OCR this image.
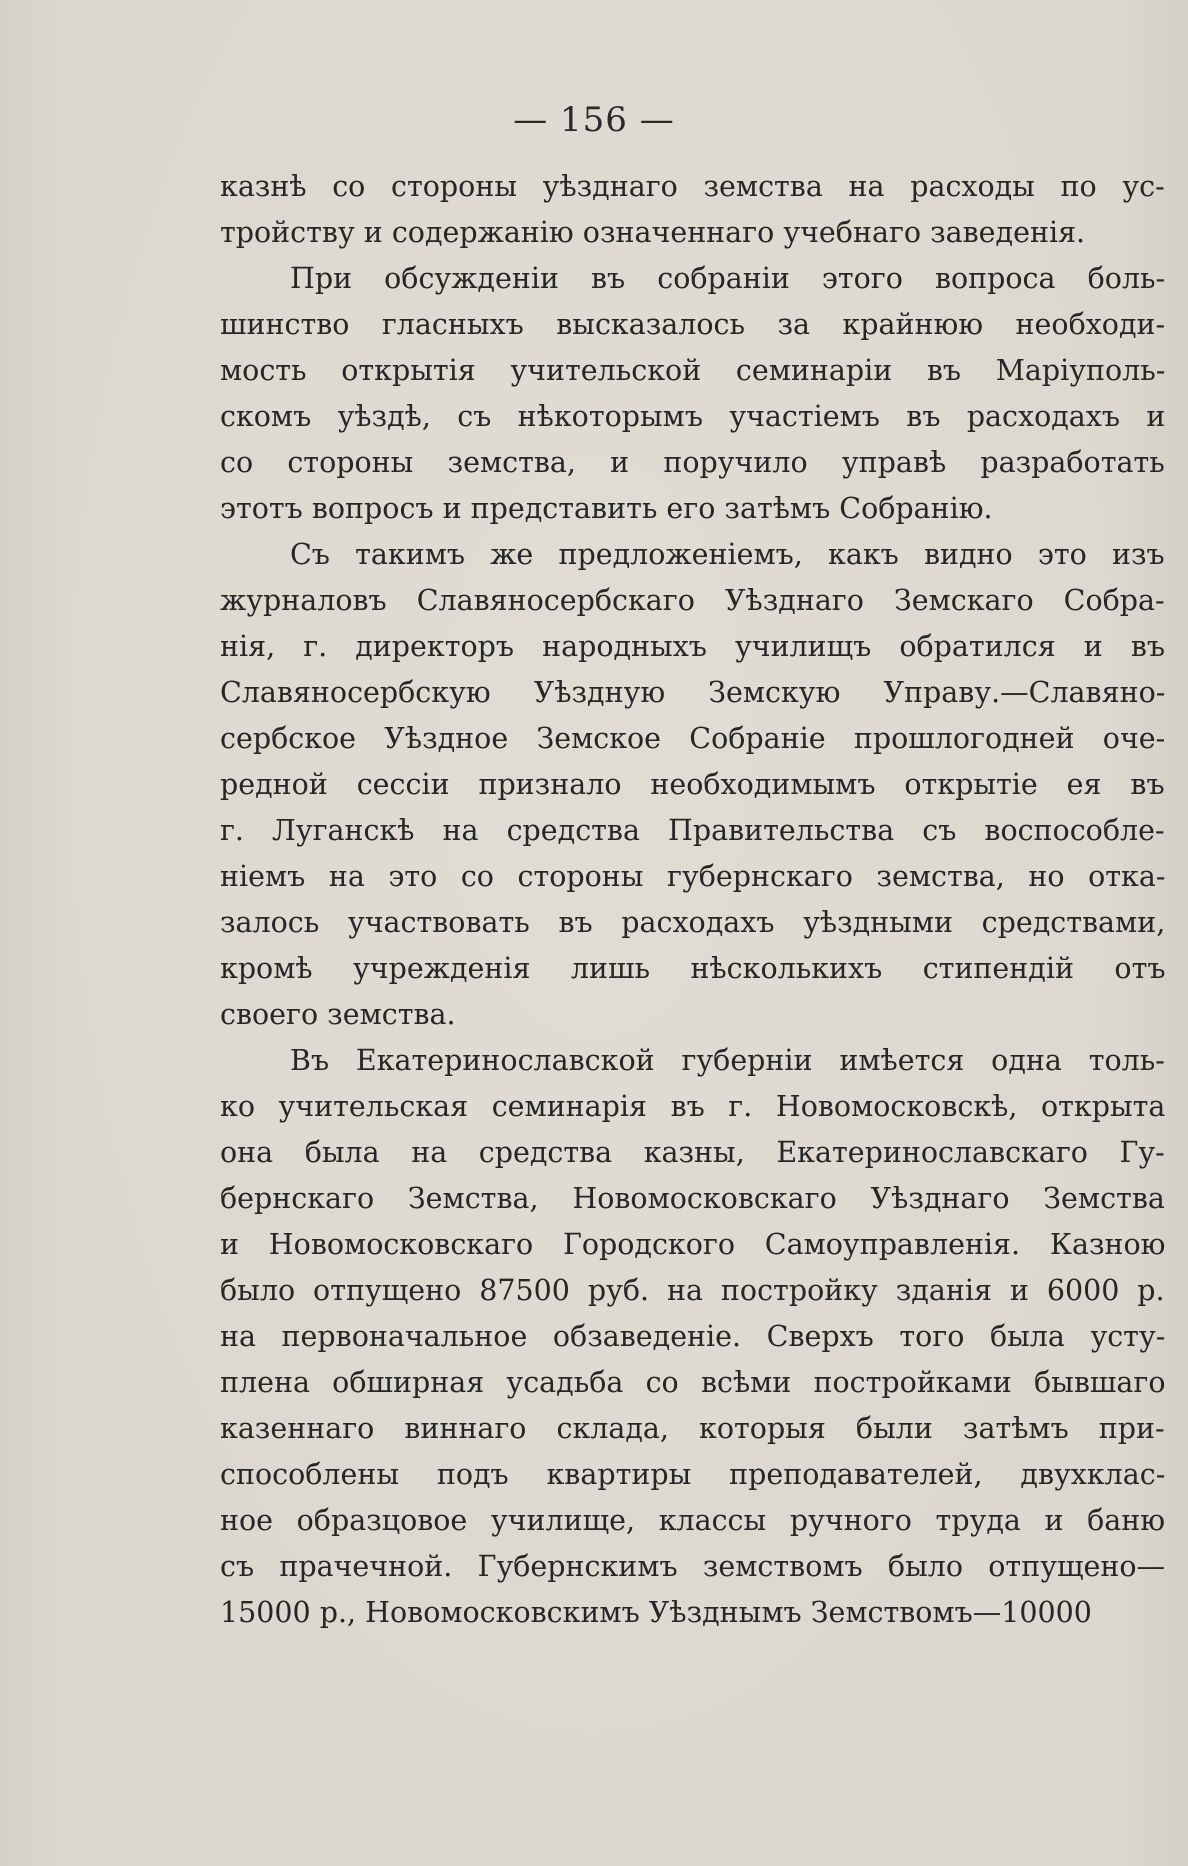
— 156 —
казнѣ со стороны уѣзднаго земства на расходы по ус-
тройству и содержанію означеннаго учебнаго заведенія.
При обсужденіи въ собраніи этого вопроса боль-
шинство гласныхъ высказалось за крайнюю необходи-
мость открытія учительской семинаріи въ Маріуполь-
скомъ уѣздѣ, съ нѣкоторымъ участіемъ въ расходахъ и
со стороны земства, и поручило управѣ разработать
этотъ вопросъ и представить его затѣмъ Собранію.
Съ такимъ же предложеніемъ, какъ видно это изъ
журналовъ Славяносербскаго Уѣзднаго Земскаго Собра-
нія, г. директоръ народныхъ училищъ обратился и въ
Славяносербскую Уѣздную Земскую Управу.—Славяно-
сербское Уѣздное Земское Собраніе прошлогодней оче-
редной сессіи признало необходимымъ открытіе ея въ
г. Луганскѣ на средства Правительства съ воспособле-
ніемъ на это со стороны губернскаго земства, но отка-
залось участвовать въ расходахъ уѣздными средствами,
кромѣ учрежденія лишь нѣсколькихъ стипендій отъ
своего земства.
Въ Екатеринославской губерніи имѣется одна толь-
ко учительская семинарія въ г. Новомосковскѣ, открыта
она была на средства казны, Екатеринославскаго Гу-
бернскаго Земства, Новомосковскаго Уѣзднаго Земства
и Новомосковскаго Городского Самоуправленія. Казною
было отпущено 87500 руб. на постройку зданія и 6000 р.
на первоначальное обзаведеніе. Сверхъ того была усту-
плена обширная усадьба со всѣми постройками бывшаго
казеннаго виннаго склада, которыя были затѣмъ при-
способлены подъ квартиры преподавателей, двухклас-
ное образцовое училище, классы ручного труда и баню
съ прачечной. Губернскимъ земствомъ было отпущено—
15000 р., Новомосковскимъ Уѣзднымъ Земствомъ—10000
